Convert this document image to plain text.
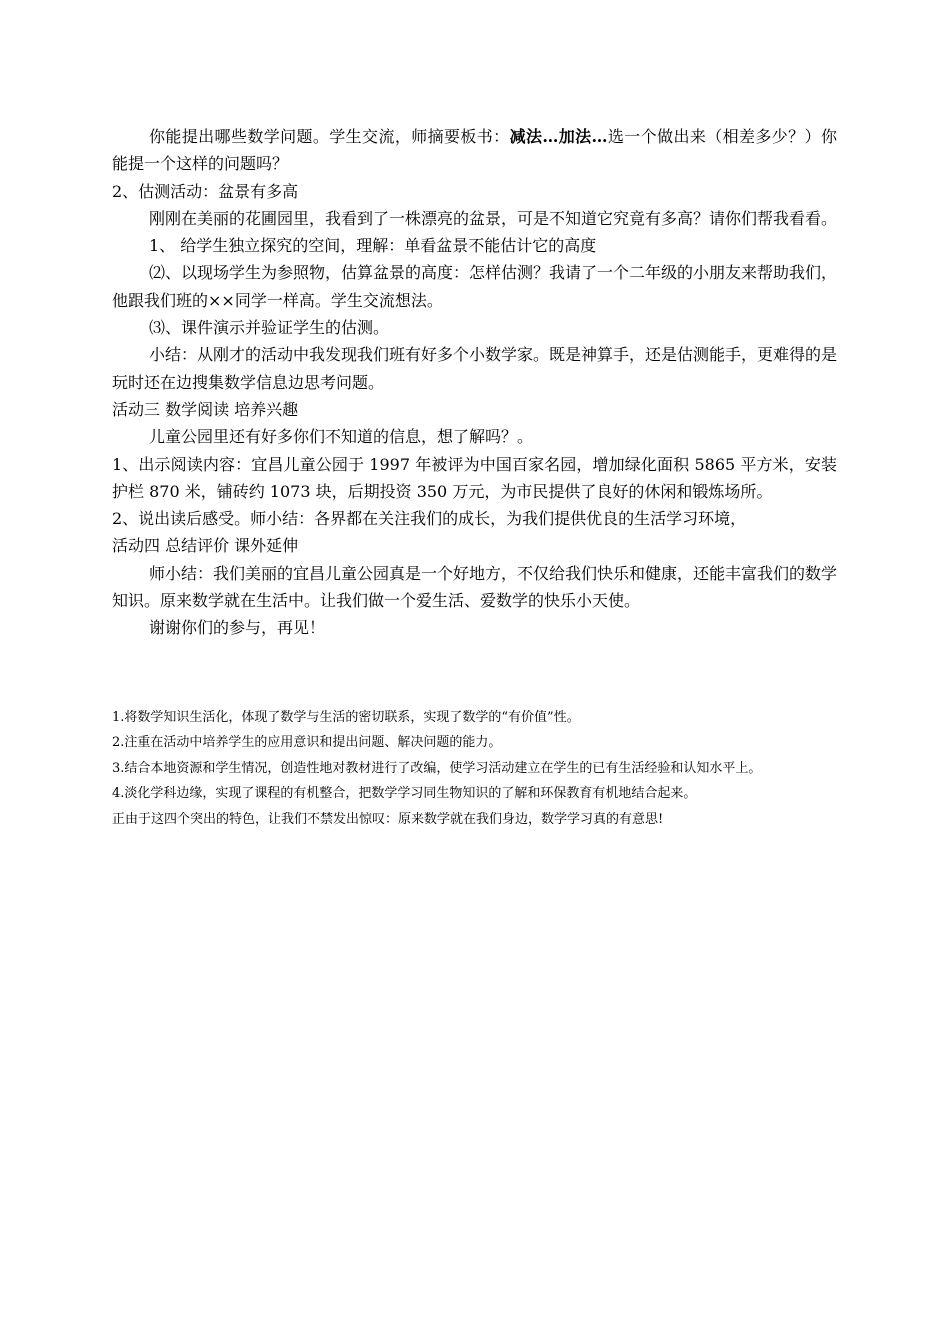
你能提出哪些数学问题。学生交流，师摘要板书：减法…加法…选一个做出来（相差多少？）你能提一个这样的问题吗？

2、估测活动：盆景有多高

刚刚在美丽的花圃园里，我看到了一株漂亮的盆景，可是不知道它究竟有多高？请你们帮我看看。

1、 给学生独立探究的空间，理解：单看盆景不能估计它的高度

⑵、以现场学生为参照物，估算盆景的高度：怎样估测？我请了一个二年级的小朋友来帮助我们，他跟我们班的××同学一样高。学生交流想法。

⑶、课件演示并验证学生的估测。

小结：从刚才的活动中我发现我们班有好多个小数学家。既是神算手，还是估测能手，更难得的是玩时还在边搜集数学信息边思考问题。

活动三 数学阅读 培养兴趣

儿童公园里还有好多你们不知道的信息，想了解吗？。

1、出示阅读内容：宜昌儿童公园于 1997 年被评为中国百家名园，增加绿化面积 5865 平方米，安装护栏 870 米，铺砖约 1073 块，后期投资 350 万元，为市民提供了良好的休闲和锻炼场所。

2、说出读后感受。师小结：各界都在关注我们的成长，为我们提供优良的生活学习环境，

活动四 总结评价 课外延伸

师小结：我们美丽的宜昌儿童公园真是一个好地方，不仅给我们快乐和健康，还能丰富我们的数学知识。原来数学就在生活中。让我们做一个爱生活、爱数学的快乐小天使。

谢谢你们的参与，再见！

1.将数学知识生活化，体现了数学与生活的密切联系，实现了数学的“有价值”性。

2.注重在活动中培养学生的应用意识和提出问题、解决问题的能力。

3.结合本地资源和学生情况，创造性地对教材进行了改编，使学习活动建立在学生的已有生活经验和认知水平上。

4.淡化学科边缘，实现了课程的有机整合，把数学学习同生物知识的了解和环保教育有机地结合起来。

正由于这四个突出的特色，让我们不禁发出惊叹：原来数学就在我们身边，数学学习真的有意思!
